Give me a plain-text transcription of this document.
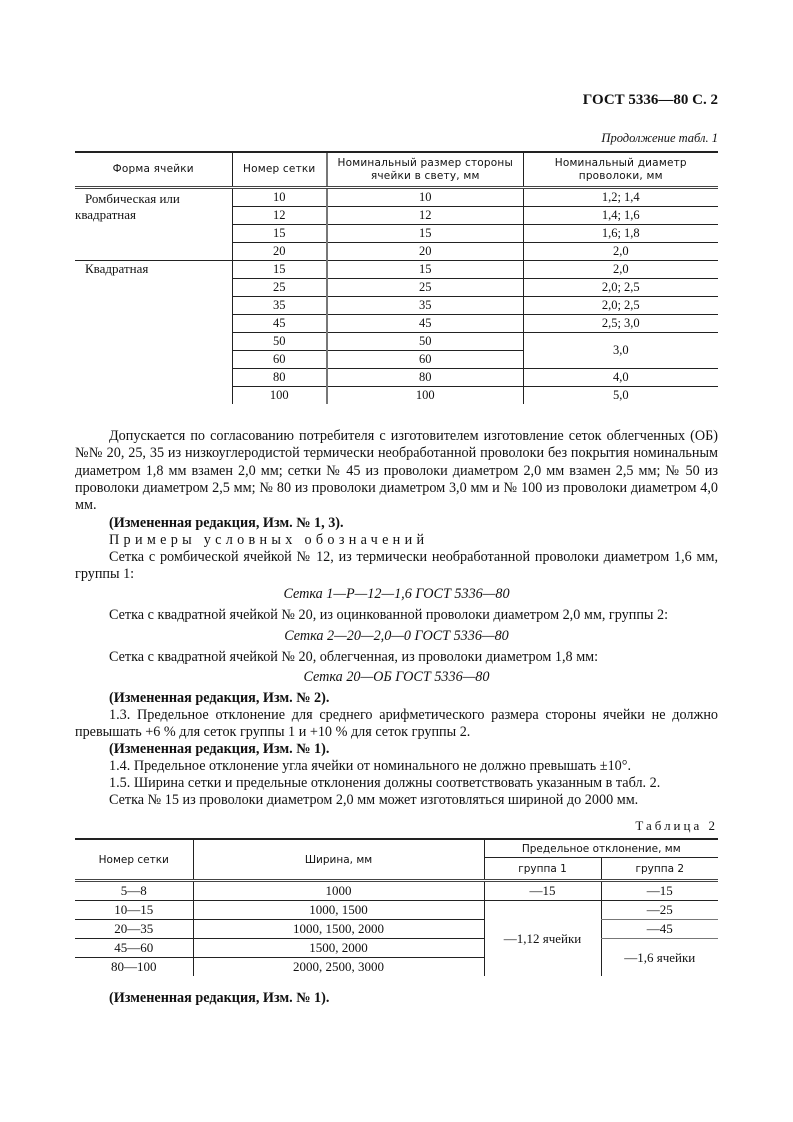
ГОСТ 5336—80 С. 2
Продолжение табл. 1
Форма ячейки	Номер сетки	Номинальный размер стороны ячейки в свету, мм	Номинальный диаметр проволоки, мм
Ромбическая или квадратная	10	10	1,2; 1,4
	12	12	1,4; 1,6
	15	15	1,6; 1,8
	20	20	2,0
Квадратная	15	15	2,0
	25	25	2,0; 2,5
	35	35	2,0; 2,5
	45	45	2,5; 3,0
	50	50	3,0
	60	60	
	80	80	4,0
	100	100	5,0
Допускается по согласованию потребителя с изготовителем изготовление сеток облегченных (ОБ) №№ 20, 25, 35 из низкоуглеродистой термически необработанной проволоки без покрытия номинальным диаметром 1,8 мм взамен 2,0 мм; сетки № 45 из проволоки диаметром 2,0 мм взамен 2,5 мм; № 50 из проволоки диаметром 2,5 мм; № 80 из проволоки диаметром 3,0 мм и № 100 из проволоки диаметром 4,0 мм.
(Измененная редакция, Изм. № 1, 3).
Примеры условных обозначений
Сетка с ромбической ячейкой № 12, из термически необработанной проволоки диаметром 1,6 мм, группы 1:
Сетка 1—Р—12—1,6 ГОСТ 5336—80
Сетка с квадратной ячейкой № 20, из оцинкованной проволоки диаметром 2,0 мм, группы 2:
Сетка 2—20—2,0—0 ГОСТ 5336—80
Сетка с квадратной ячейкой № 20, облегченная, из проволоки диаметром 1,8 мм:
Сетка 20—ОБ ГОСТ 5336—80
(Измененная редакция, Изм. № 2).
1.3. Предельное отклонение для среднего арифметического размера стороны ячейки не должно превышать +6 % для сеток группы 1 и +10 % для сеток группы 2.
(Измененная редакция, Изм. № 1).
1.4. Предельное отклонение угла ячейки от номинального не должно превышать ±10°.
1.5. Ширина сетки и предельные отклонения должны соответствовать указанным в табл. 2.
Сетка № 15 из проволоки диаметром 2,0 мм может изготовляться шириной до 2000 мм.
Таблица 2
Номер сетки	Ширина, мм	Предельное отклонение, мм	
		группа 1	группа 2
5—8	1000	—15	—15
10—15	1000, 1500	—1,12 ячейки	—25
20—35	1000, 1500, 2000		—45
45—60	1500, 2000		—1,6 ячейки
80—100	2000, 2500, 3000		
(Измененная редакция, Изм. № 1).
